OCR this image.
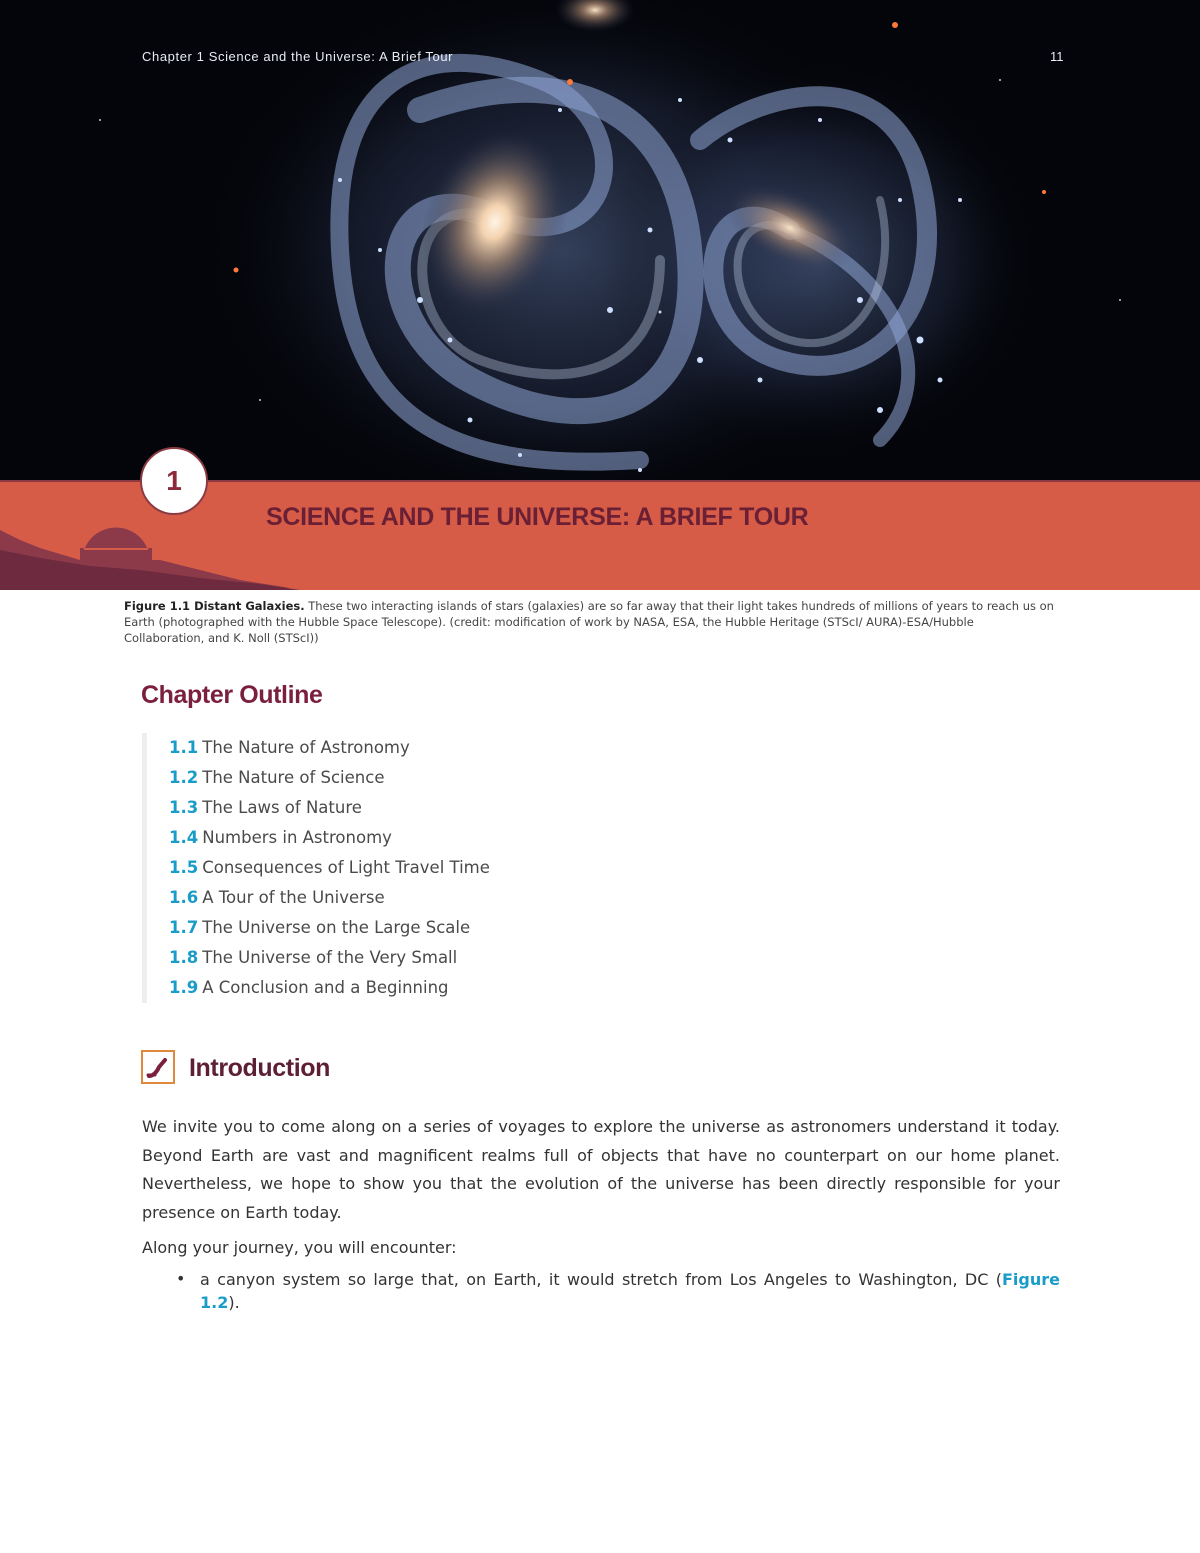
Chapter 1 Science and the Universe: A Brief Tour	11
1
SCIENCE AND THE UNIVERSE: A BRIEF TOUR
Figure 1.1 Distant Galaxies. These two interacting islands of stars (galaxies) are so far away that their light takes hundreds of millions of years to reach us on Earth (photographed with the Hubble Space Telescope). (credit: modification of work by NASA, ESA, the Hubble Heritage (STScI/ AURA)-ESA/Hubble Collaboration, and K. Noll (STScI))
Chapter Outline
1.1 The Nature of Astronomy
1.2 The Nature of Science
1.3 The Laws of Nature
1.4 Numbers in Astronomy
1.5 Consequences of Light Travel Time
1.6 A Tour of the Universe
1.7 The Universe on the Large Scale
1.8 The Universe of the Very Small
1.9 A Conclusion and a Beginning
Introduction

We invite you to come along on a series of voyages to explore the universe as astronomers understand it today. Beyond Earth are vast and magnificent realms full of objects that have no counterpart on our home planet. Nevertheless, we hope to show you that the evolution of the universe has been directly responsible for your presence on Earth today.

Along your journey, you will encounter:

• a canyon system so large that, on Earth, it would stretch from Los Angeles to Washington, DC (Figure 1.2).
